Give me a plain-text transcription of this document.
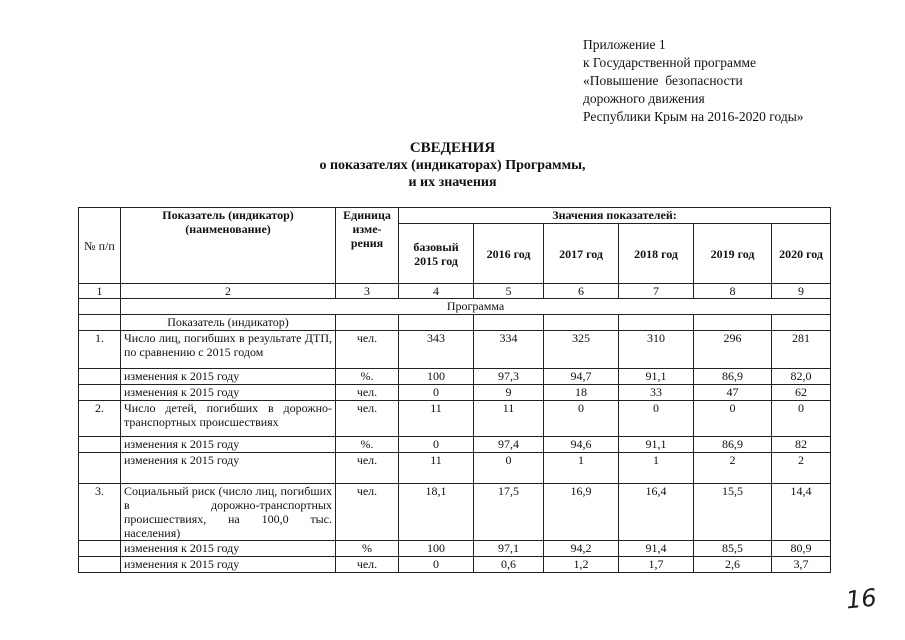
Приложение 1
к Государственной программе
«Повышение  безопасности
дорожного движения
Республики Крым на 2016-2020 годы»
СВЕДЕНИЯ
о показателях (индикаторах) Программы,
и их значения
№ п/п	Показатель (индикатор) (наименование)	Единица изме- рения	Значения показателей:					
			базовый 2015 год	2016 год	2017 год	2018 год	2019 год	2020 год
1	2	3	4	5	6	7	8	9
	Программа							
	Показатель (индикатор)							
1.	Число лиц, погибших в результате ДТП, по сравнению с 2015 годом	чел.	343	334	325	310	296	281
	изменения к 2015 году	%.	100	97,3	94,7	91,1	86,9	82,0
	изменения к 2015 году	чел.	0	9	18	33	47	62
2.	Число детей, погибших в дорожно-транспортных происшествиях	чел.	11	11	0	0	0	0
	изменения к 2015 году	%.	0	97,4	94,6	91,1	86,9	82
	изменения к 2015 году	чел.	11	0	1	1	2	2
3.	Социальный риск (число лиц, погибших в дорожно-транспортных происшествиях, на 100,0 тыс. населения)	чел.	18,1	17,5	16,9	16,4	15,5	14,4
	изменения к 2015 году	%	100	97,1	94,2	91,4	85,5	80,9
	изменения к 2015 году	чел.	0	0,6	1,2	1,7	2,6	3,7
16
